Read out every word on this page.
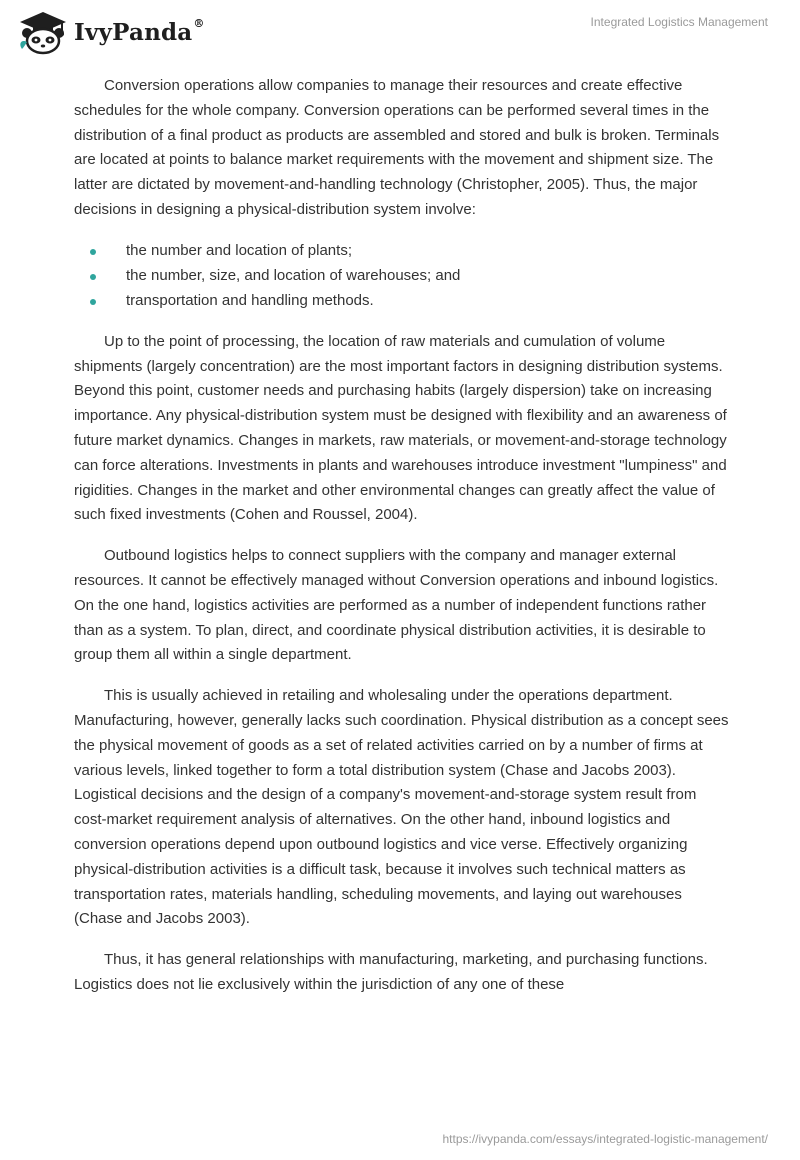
IvyPanda®	Integrated Logistics Management

Conversion operations allow companies to manage their resources and create effective schedules for the whole company. Conversion operations can be performed several times in the distribution of a final product as products are assembled and stored and bulk is broken. Terminals are located at points to balance market requirements with the movement and shipment size. The latter are dictated by movement-and-handling technology (Christopher, 2005). Thus, the major decisions in designing a physical-distribution system involve:

the number and location of plants;
the number, size, and location of warehouses; and
transportation and handling methods.

Up to the point of processing, the location of raw materials and cumulation of volume shipments (largely concentration) are the most important factors in designing distribution systems. Beyond this point, customer needs and purchasing habits (largely dispersion) take on increasing importance. Any physical-distribution system must be designed with flexibility and an awareness of future market dynamics. Changes in markets, raw materials, or movement-and-storage technology can force alterations. Investments in plants and warehouses introduce investment "lumpiness" and rigidities. Changes in the market and other environmental changes can greatly affect the value of such fixed investments (Cohen and Roussel, 2004).

Outbound logistics helps to connect suppliers with the company and manager external resources. It cannot be effectively managed without Conversion operations and inbound logistics. On the one hand, logistics activities are performed as a number of independent functions rather than as a system. To plan, direct, and coordinate physical distribution activities, it is desirable to group them all within a single department.

This is usually achieved in retailing and wholesaling under the operations department. Manufacturing, however, generally lacks such coordination. Physical distribution as a concept sees the physical movement of goods as a set of related activities carried on by a number of firms at various levels, linked together to form a total distribution system (Chase and Jacobs 2003). Logistical decisions and the design of a company's movement-and-storage system result from cost-market requirement analysis of alternatives. On the other hand, inbound logistics and conversion operations depend upon outbound logistics and vice verse. Effectively organizing physical-distribution activities is a difficult task, because it involves such technical matters as transportation rates, materials handling, scheduling movements, and laying out warehouses (Chase and Jacobs 2003).

Thus, it has general relationships with manufacturing, marketing, and purchasing functions. Logistics does not lie exclusively within the jurisdiction of any one of these

https://ivypanda.com/essays/integrated-logistic-management/
